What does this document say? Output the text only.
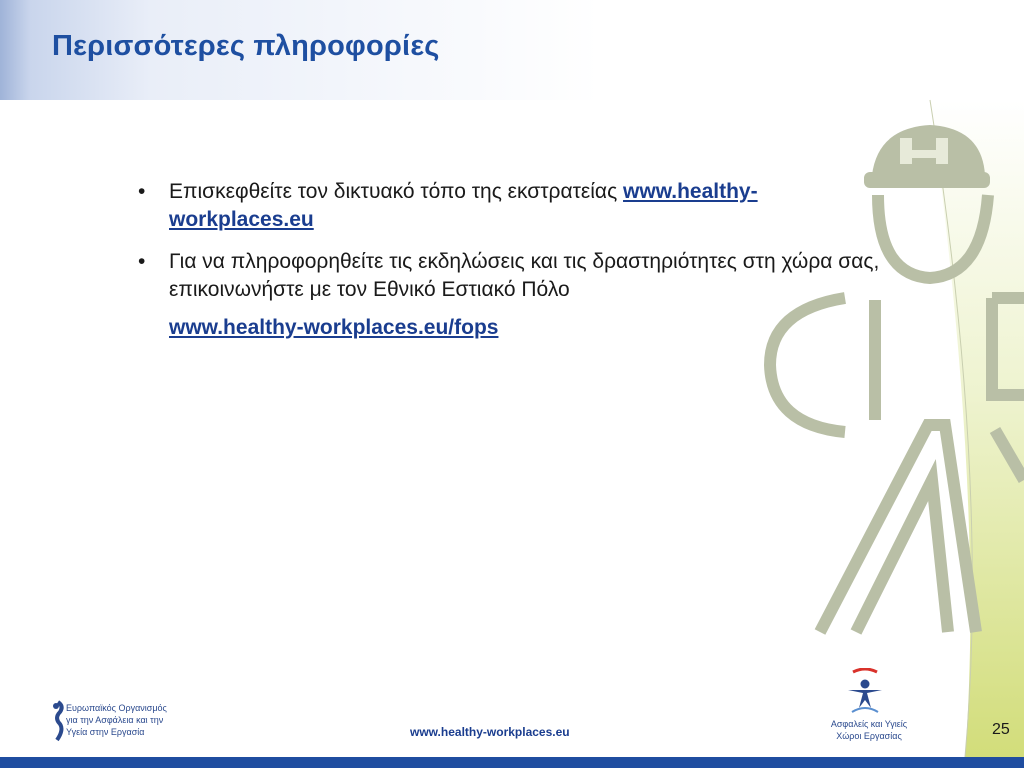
Περισσότερες πληροφορίες
• Επισκεφθείτε τον δικτυακό τόπο της εκστρατείας www.healthy-workplaces.eu
• Για να πληροφορηθείτε τις εκδηλώσεις και τις δραστηριότητες στη χώρα σας, επικοινωνήστε με τον Εθνικό Εστιακό Πόλο
www.healthy-workplaces.eu/fops
Ευρωπαϊκός Οργανισμός για την Ασφάλεια και την Υγεία στην Εργασία	www.healthy-workplaces.eu
Ασφαλείς και Υγιείς Χώροι Εργασίας	25
